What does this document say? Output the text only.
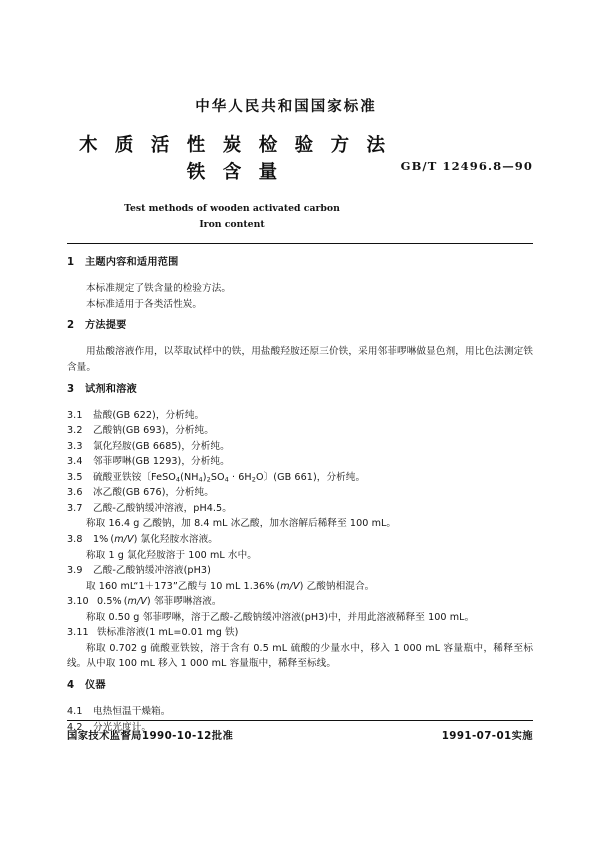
中华人民共和国国家标准
木 质 活 性 炭 检 验 方 法
铁 含 量	GB/T 12496.8—90
Test methods of wooden activated carbon
Iron content
1 主题内容和适用范围
本标准规定了铁含量的检验方法。
本标准适用于各类活性炭。
2 方法提要
用盐酸溶液作用，以萃取试样中的铁，用盐酸羟胺还原三价铁，采用邻菲啰啉做显色剂，用比色法测定铁含量。
3 试剂和溶液
3.1 盐酸(GB 622)，分析纯。
3.2 乙酸钠(GB 693)，分析纯。
3.3 氯化羟胺(GB 6685)，分析纯。
3.4 邻菲啰啉(GB 1293)，分析纯。
3.5 硫酸亚铁铵〔$FeSO_4(NH_4)_2SO_4 \cdot 6H_2O$〕(GB 661)，分析纯。
3.6 冰乙酸(GB 676)，分析纯。
3.7 乙酸-乙酸钠缓冲溶液，pH4.5。
称取 16.4 g 乙酸钠，加 8.4 mL 冰乙酸，加水溶解后稀释至 100 mL。
3.8 1% (m/V) 氯化羟胺水溶液。
称取 1 g 氯化羟胺溶于 100 mL 水中。
3.9 乙酸-乙酸钠缓冲溶液(pH3)
取 160 mL“1＋173”乙酸与 10 mL 1.36% (m/V) 乙酸钠相混合。
3.10 0.5% (m/V) 邻菲啰啉溶液。
称取 0.50 g 邻菲啰啉，溶于乙酸-乙酸钠缓冲溶液(pH3)中，并用此溶液稀释至 100 mL。
3.11 铁标准溶液(1 mL=0.01 mg 铁)
称取 0.702 g 硫酸亚铁铵，溶于含有 0.5 mL 硫酸的少量水中，移入 1 000 mL 容量瓶中，稀释至标线。从中取 100 mL 移入 1 000 mL 容量瓶中，稀释至标线。
4 仪器
4.1 电热恒温干燥箱。
4.2 分光光度计。
国家技术监督局1990-10-12批准	1991-07-01实施
